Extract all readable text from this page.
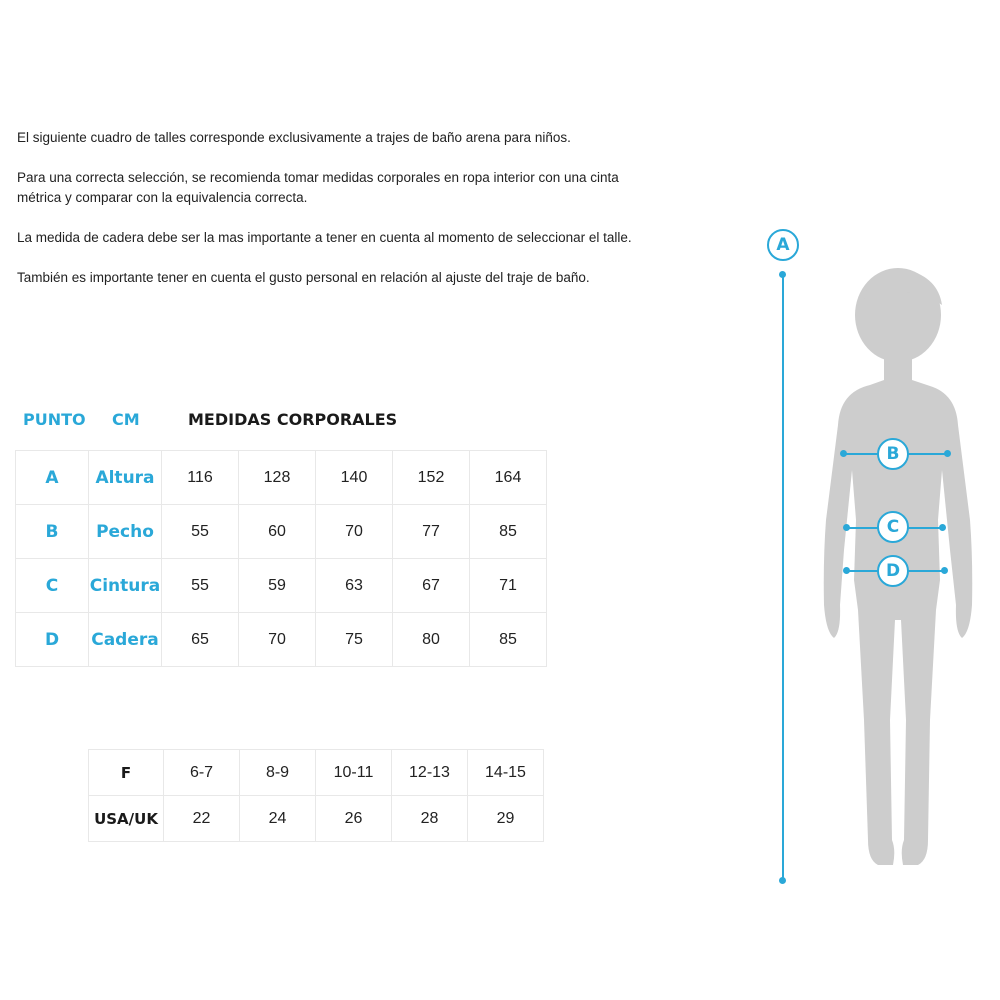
El siguiente cuadro de talles corresponde exclusivamente a trajes de baño arena para niños.

Para una correcta selección, se recomienda tomar medidas corporales en ropa interior con una cinta

métrica y comparar con la equivalencia correcta.

La medida de cadera debe ser la mas importante a tener en cuenta al momento de seleccionar el talle.

También es importante tener en cuenta el gusto personal en relación al ajuste del traje de baño.

PUNTO CM	MEDIDAS CORPORALES
A	Altura	116	128	140	152	164
B	Pecho	55	60	70	77	85
C	Cintura	55	59	63	67	71
D	Cadera	65	70	75	80	85
F	6-7	8-9	10-11	12-13	14-15
USA/UK	22	24	26	28	29
A
B
C
D
